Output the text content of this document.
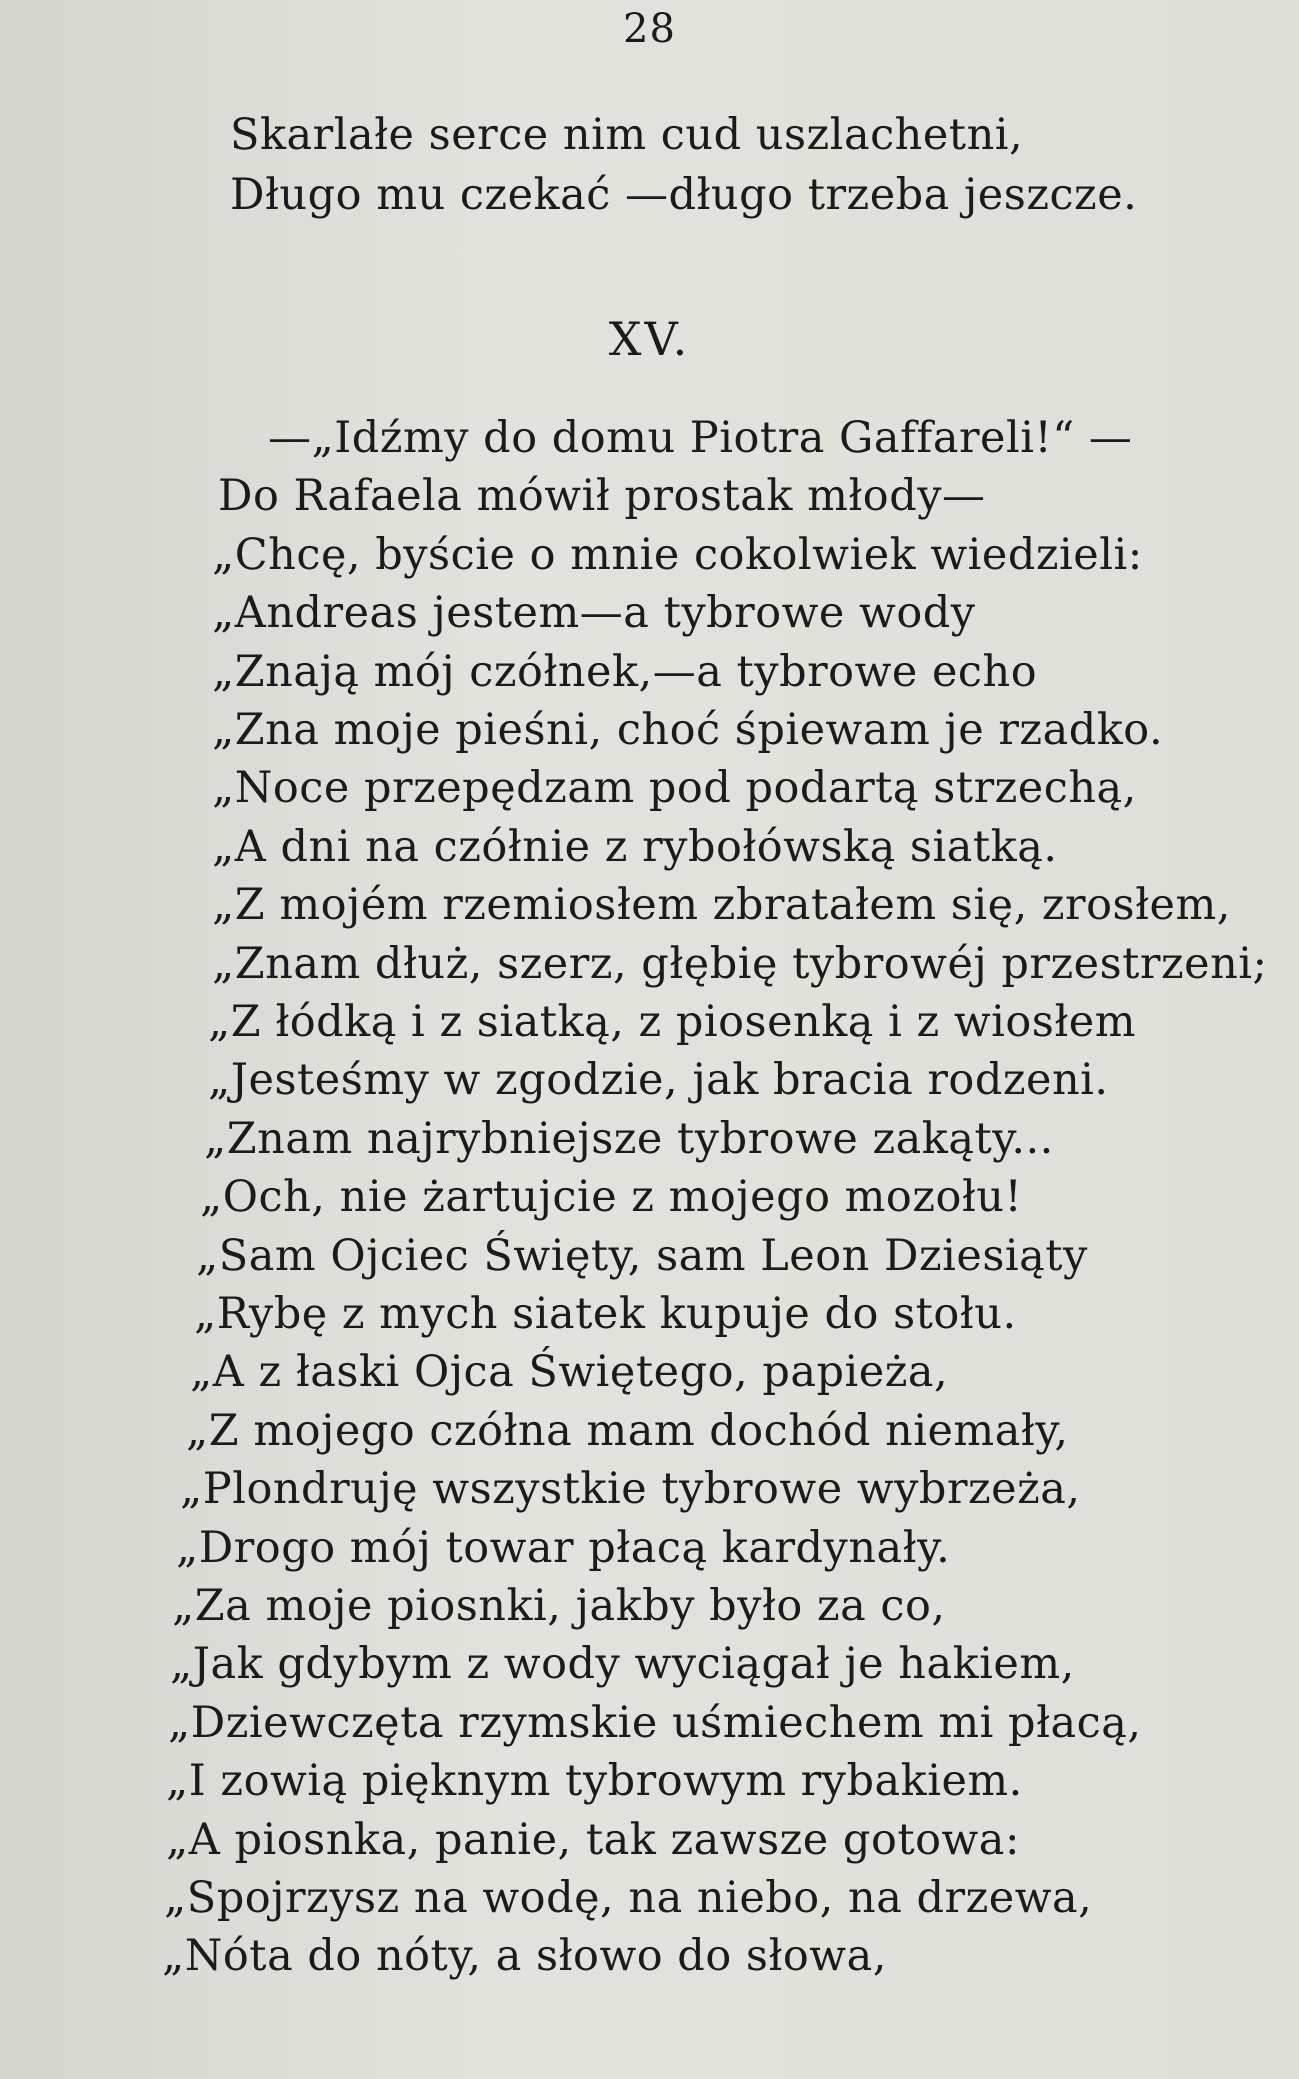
28
Skarlałe serce nim cud uszlachetni,
Długo mu czekać —długo trzeba jeszcze.
XV.
—„Idźmy do domu Piotra Gaffareli!“ —
Do Rafaela mówił prostak młody—
„Chcę, byście o mnie cokolwiek wiedzieli:
„Andreas jestem—a tybrowe wody
„Znają mój czółnek,—a tybrowe echo
„Zna moje pieśni, choć śpiewam je rzadko.
„Noce przepędzam pod podartą strzechą,
„A dni na czółnie z rybołówską siatką.
„Z mojém rzemiosłem zbratałem się, zrosłem,
„Znam dłuż, szerz, głębię tybrowéj przestrzeni;
„Z łódką i z siatką, z piosenką i z wiosłem
„Jesteśmy w zgodzie, jak bracia rodzeni.
„Znam najrybniejsze tybrowe zakąty...
„Och, nie żartujcie z mojego mozołu!
„Sam Ojciec Święty, sam Leon Dziesiąty
„Rybę z mych siatek kupuje do stołu.
„A z łaski Ojca Świętego, papieża,
„Z mojego czółna mam dochód niemały,
„Plondruję wszystkie tybrowe wybrzeża,
„Drogo mój towar płacą kardynały.
„Za moje piosnki, jakby było za co,
„Jak gdybym z wody wyciągał je hakiem,
„Dziewczęta rzymskie uśmiechem mi płacą,
„I zowią pięknym tybrowym rybakiem.
„A piosnka, panie, tak zawsze gotowa:
„Spojrzysz na wodę, na niebo, na drzewa,
„Nóta do nóty, a słowo do słowa,
